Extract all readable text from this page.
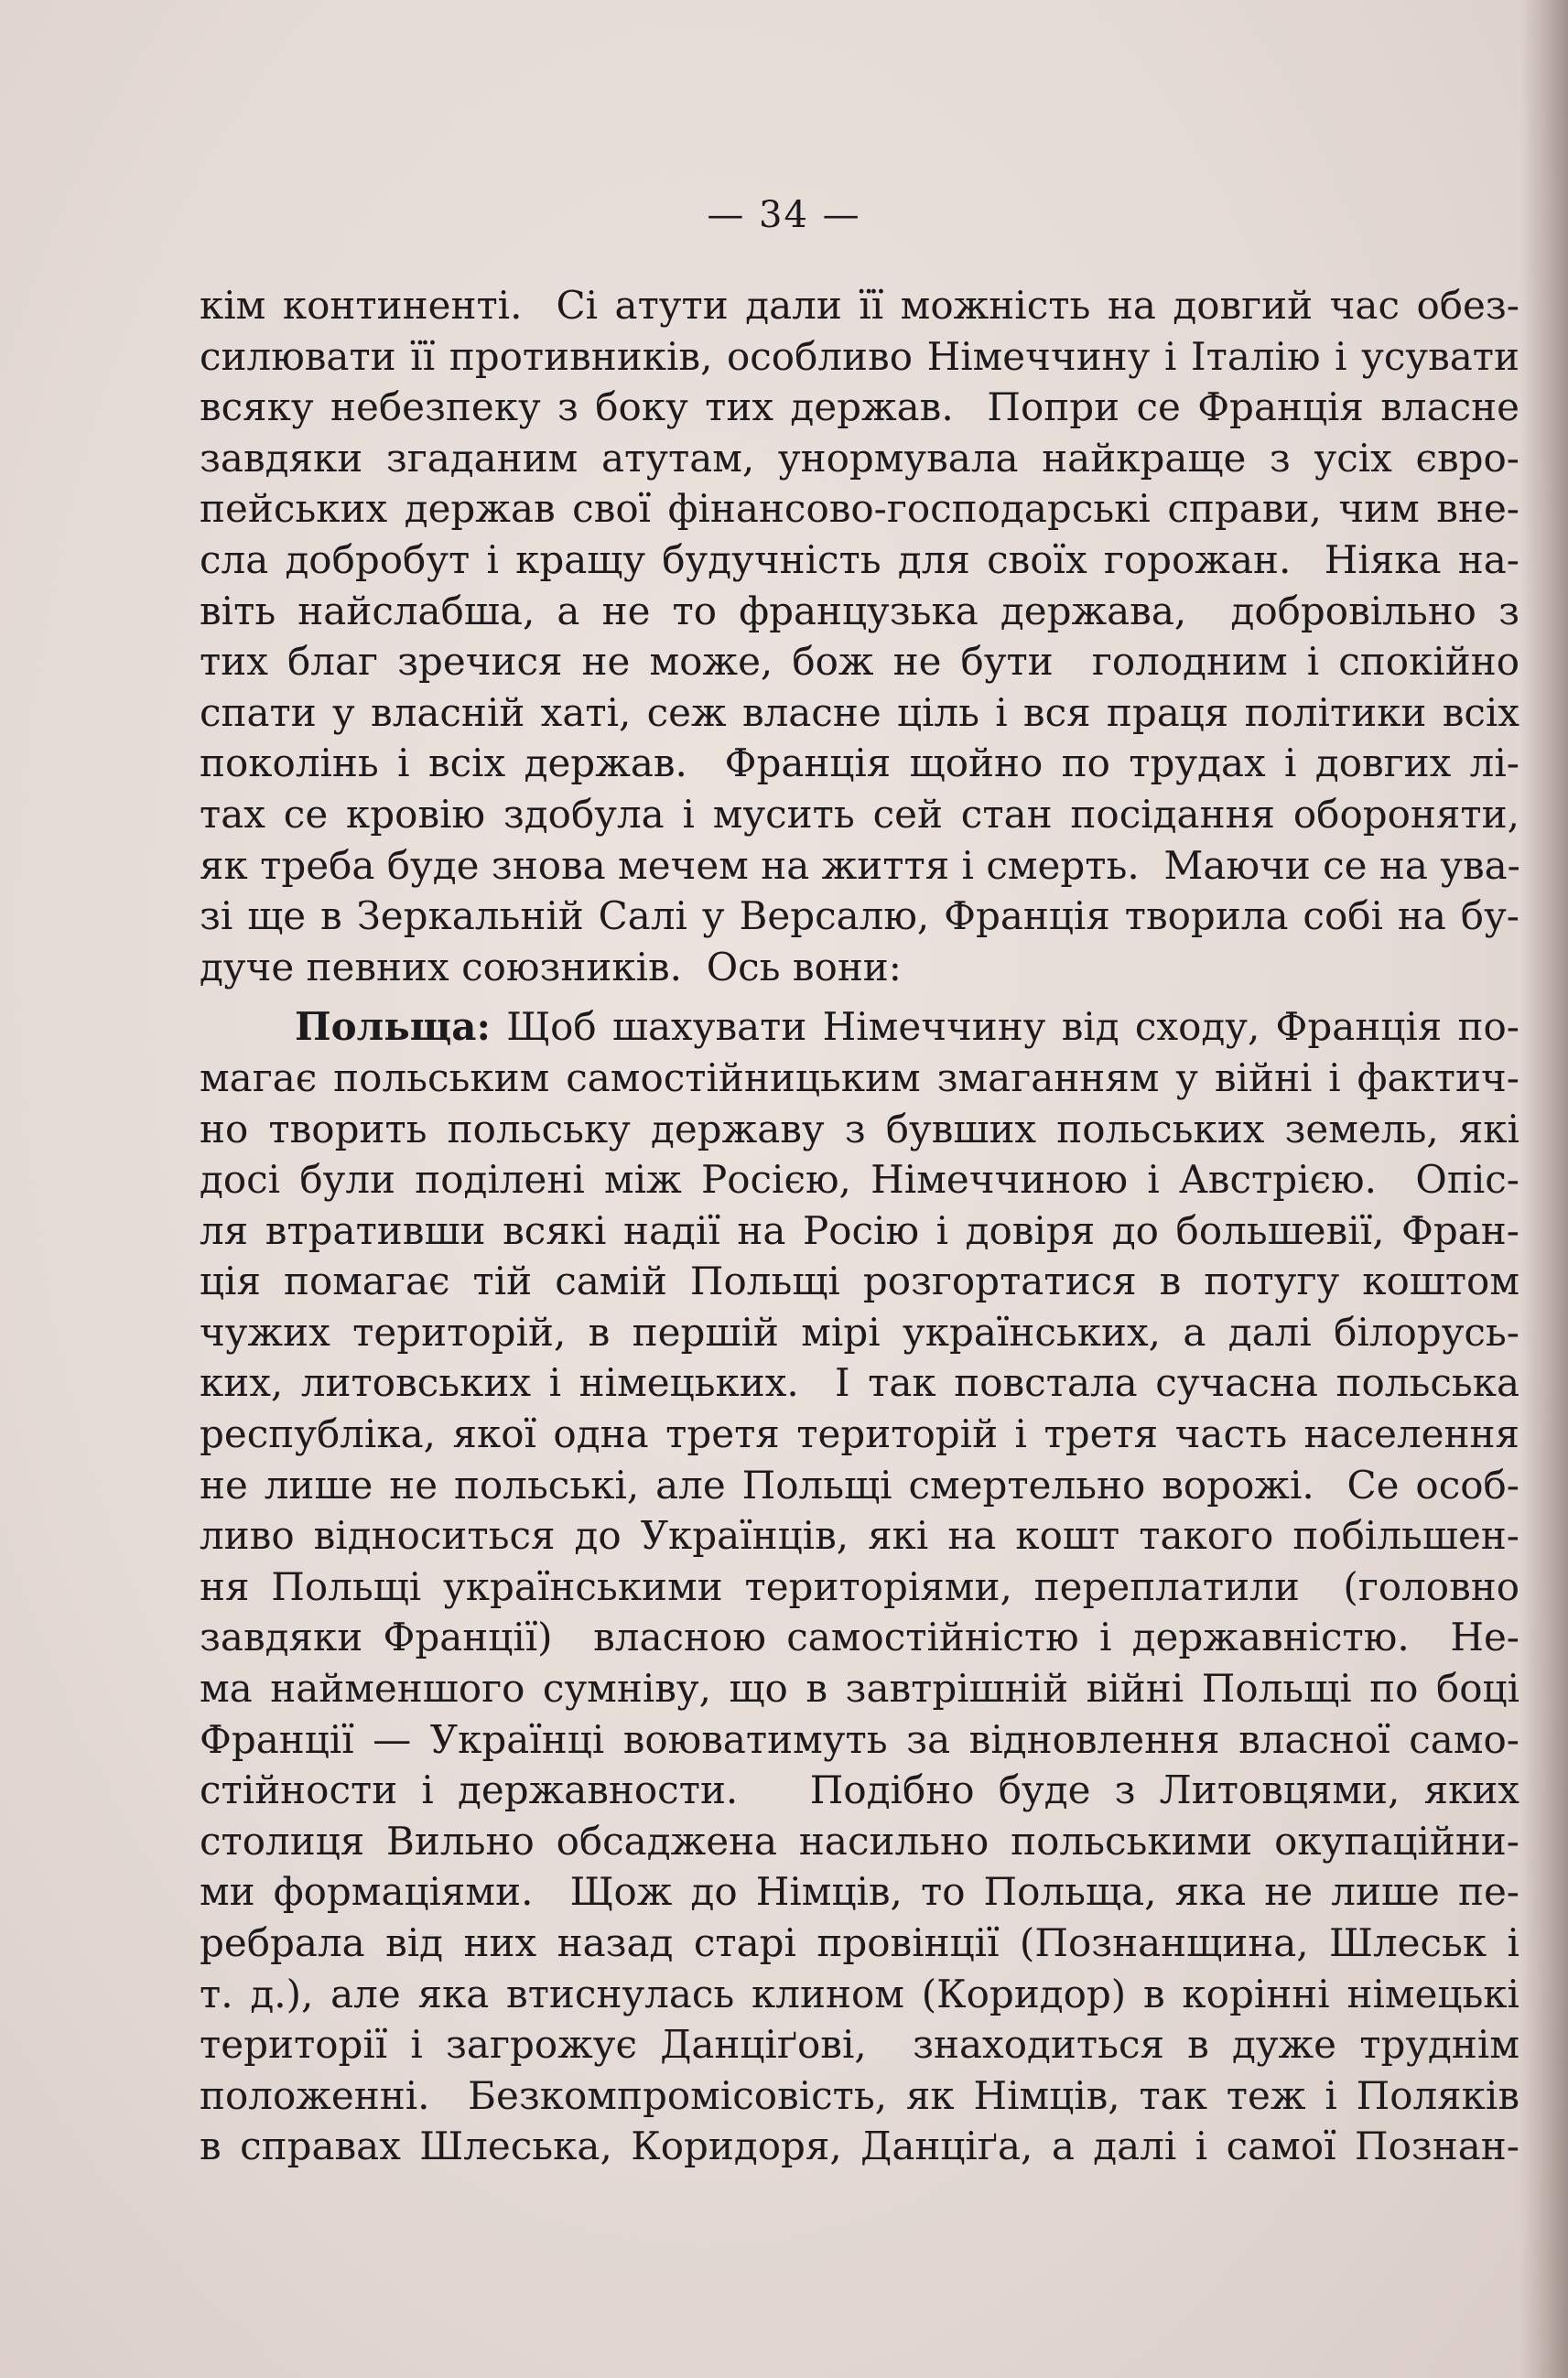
— 34 —
кім континенті.  Сі атути дали її можність на довгий час обез-
силювати її противників, особливо Німеччину і Італію і усувати
всяку небезпеку з боку тих держав.  Попри се Франція власне
завдяки згаданим атутам, унормувала найкраще з усіх євро-
пейських держав свої фінансово-господарські справи, чим вне-
сла добробут і кращу будучність для своїх горожан.  Ніяка на-
віть найслабша, а не то французька держава,  добровільно з
тих благ зречися не може, бож не бути  голодним і спокійно
спати у власній хаті, сеж власне ціль і вся праця політики всіх
поколінь і всіх держав.  Франція щойно по трудах і довгих лі-
тах се кровію здобула і мусить сей стан посідання обороняти,
як треба буде знова мечем на життя і смерть.  Маючи се на ува-
зі ще в Зеркальній Салі у Версалю, Франція творила собі на бу-
дуче певних союзників.  Ось вони:
Польща: Щоб шахувати Німеччину від сходу, Франція по-
магає польським самостійницьким змаганням у війні і фактич-
но творить польську державу з бувших польських земель, які
досі були поділені між Росією, Німеччиною і Австрією.  Опіс-
ля втративши всякі надії на Росію і довіря до большевії, Фран-
ція помагає тій самій Польщі розгортатися в потугу коштом
чужих територій, в першій мірі українських, а далі білорусь-
ких, литовських і німецьких.  І так повстала сучасна польська
республіка, якої одна третя територій і третя часть населення
не лише не польські, але Польщі смертельно ворожі.  Се особ-
ливо відноситься до Українців, які на кошт такого побільшен-
ня Польщі українськими територіями, переплатили  (головно
завдяки Франції)  власною самостійністю і державністю.  Не-
ма найменшого сумніву, що в завтрішній війні Польщі по боці
Франції — Українці воюватимуть за відновлення власної само-
стійности і державности.   Подібно буде з Литовцями, яких
столиця Вильно обсаджена насильно польськими окупаційни-
ми формаціями.  Щож до Німців, то Польща, яка не лише пе-
ребрала від них назад старі провінції (Познанщина, Шлеськ і
т. д.), але яка втиснулась клином (Коридор) в корінні німецькі
території і загрожує Данціґові,  знаходиться в дуже труднім
положенні.  Безкомпромісовість, як Німців, так теж і Поляків
в справах Шлеська, Коридоря, Данціґа, а далі і самої Познан-
